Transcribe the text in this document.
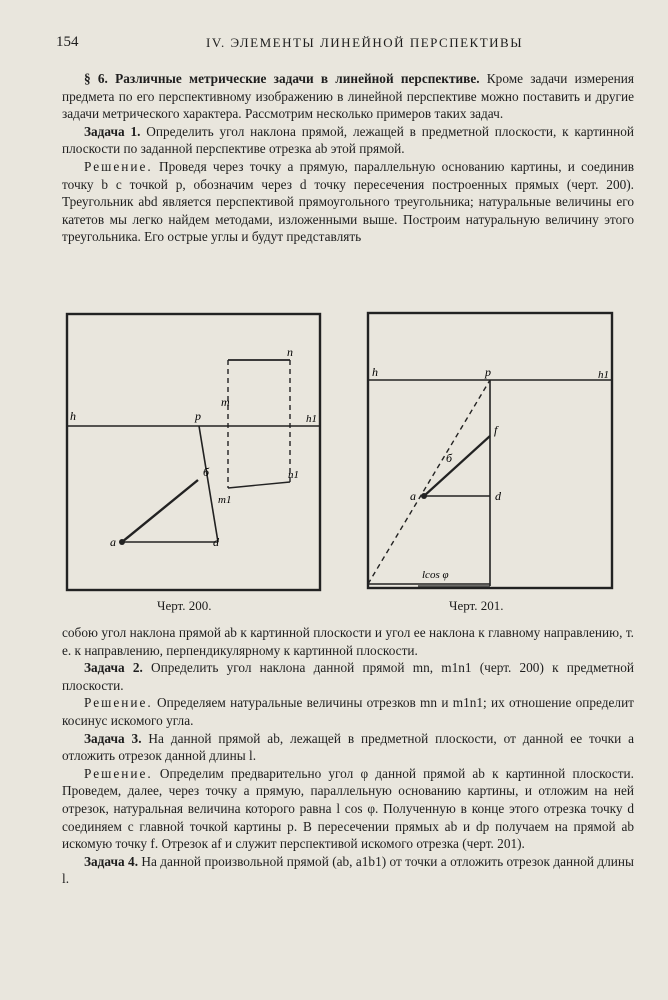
154	IV. ЭЛЕМЕНТЫ ЛИНЕЙНОЙ ПЕРСПЕКТИВЫ

§ 6. Различные метрические задачи в линейной перспективе. Кроме задачи измерения предмета по его перспективному изображению в линейной перспективе можно поставить и другие задачи метрического характера. Рассмотрим несколько примеров таких задач.

Задача 1. Определить угол наклона прямой, лежащей в предметной плоскости, к картинной плоскости по заданной перспективе отрезка ab этой прямой.

Решение. Проведя через точку a прямую, параллельную основанию картины, и соединив точку b с точкой p, обозначим через d точку пересечения построенных прямых (черт. 200). Треугольник abd является перспективой прямоугольного треугольника; натуральные величины его катетов мы легко найдем методами, изложенными выше. Построим натуральную величину этого треугольника. Его острые углы и будут представлять

h	p	h1
n
m
n1
m1
б
a	d
Черт. 200.
h	p	h1
f
б
a	d
lcos φ
Черт. 201.

собою угол наклона прямой ab к картинной плоскости и угол ее наклона к главному направлению, т. е. к направлению, перпендикулярному к картинной плоскости.

Задача 2. Определить угол наклона данной прямой mn, m1n1 (черт. 200) к предметной плоскости.

Решение. Определяем натуральные величины отрезков mn и m1n1; их отношение определит косинус искомого угла.

Задача 3. На данной прямой ab, лежащей в предметной плоскости, от данной ее точки a отложить отрезок данной длины l.

Решение. Определим предварительно угол φ данной прямой ab к картинной плоскости. Проведем, далее, через точку a прямую, параллельную основанию картины, и отложим на ней отрезок, натуральная величина которого равна l cos φ. Полученную в конце этого отрезка точку d соединяем с главной точкой картины p. В пересечении прямых ab и dp получаем на прямой ab искомую точку f. Отрезок af и служит перспективой искомого отрезка (черт. 201).

Задача 4. На данной произвольной прямой (ab, a1b1) от точки a отложить отрезок данной длины l.
